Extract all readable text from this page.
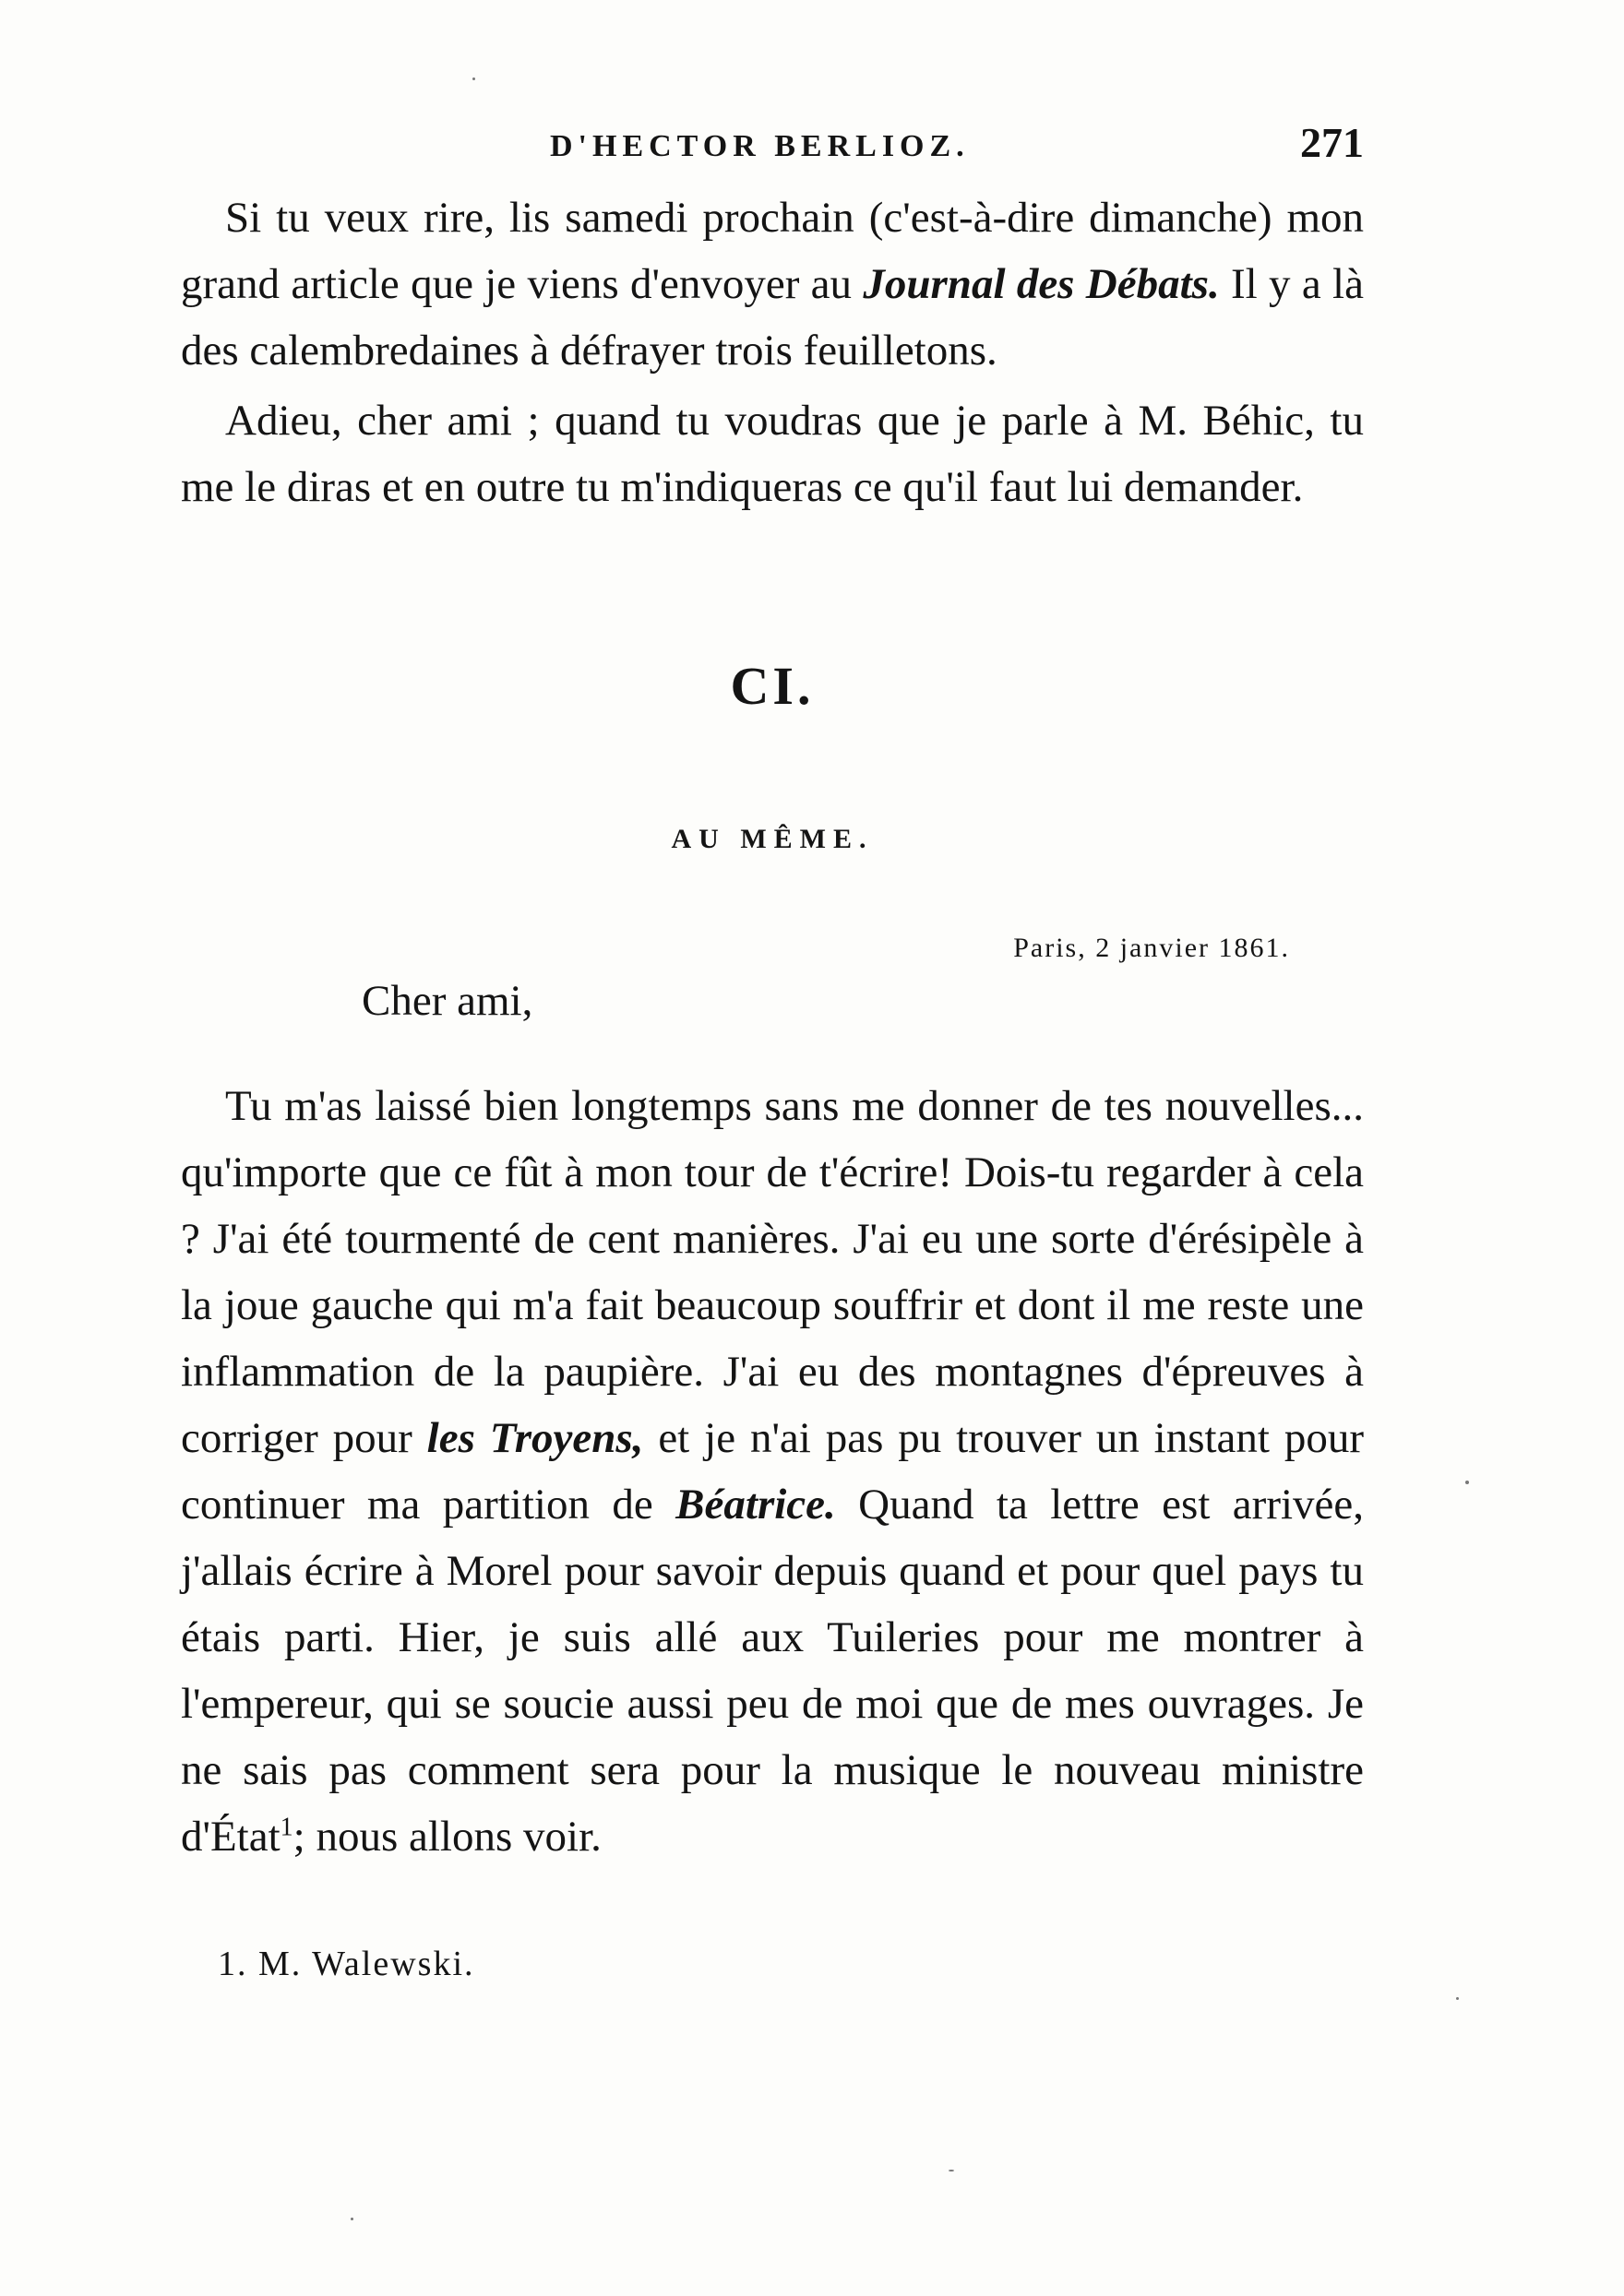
D'HECTOR BERLIOZ.	271

Si tu veux rire, lis samedi prochain (c'est-à-dire dimanche) mon grand article que je viens d'envoyer au Journal des Débats. Il y a là des calembredaines à défrayer trois feuilletons.

Adieu, cher ami ; quand tu voudras que je parle à M. Béhic, tu me le diras et en outre tu m'indiqueras ce qu'il faut lui demander.

CI.
AU MÊME.
Paris, 2 janvier 1861.
Cher ami,

Tu m'as laissé bien longtemps sans me donner de tes nouvelles... qu'importe que ce fût à mon tour de t'écrire! Dois-tu regarder à cela ? J'ai été tourmenté de cent manières. J'ai eu une sorte d'érésipèle à la joue gauche qui m'a fait beaucoup souffrir et dont il me reste une inflammation de la paupière. J'ai eu des montagnes d'épreuves à corriger pour les Troyens, et je n'ai pas pu trouver un instant pour continuer ma partition de Béatrice. Quand ta lettre est arrivée, j'allais écrire à Morel pour savoir depuis quand et pour quel pays tu étais parti. Hier, je suis allé aux Tuileries pour me montrer à l'empereur, qui se soucie aussi peu de moi que de mes ouvrages. Je ne sais pas comment sera pour la musique le nouveau ministre d'État$^1$; nous allons voir.

1. M. Walewski.
